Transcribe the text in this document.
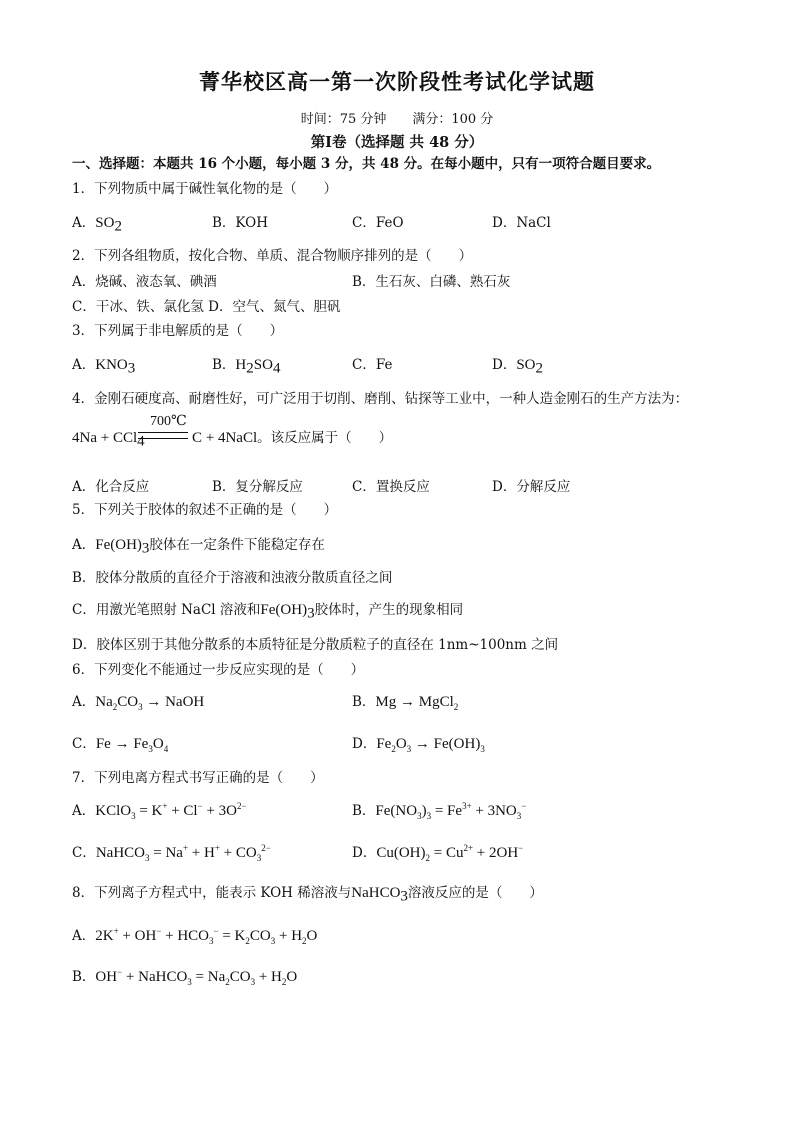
菁华校区高一第一次阶段性考试化学试题
时间：75 分钟　　满分：100 分
第Ⅰ卷（选择题 共 48 分）
一、选择题：本题共 16 个小题，每小题 3 分，共 48 分。在每小题中，只有一项符合题目要求。
1．下列物质中属于碱性氧化物的是（　　）
A．$SO_2$	B．KOH	C．FeO	D．NaCl
2．下列各组物质，按化合物、单质、混合物顺序排列的是（　　）
A．烧碱、液态氧、碘酒	B．生石灰、白磷、熟石灰
C．干冰、铁、氯化氢 D．空气、氮气、胆矾
3．下列属于非电解质的是（　　）
A．$KNO_3$	B．$H_2SO_4$	C．Fe	D．$SO_2$
4．金刚石硬度高、耐磨性好，可广泛用于切削、磨削、钻探等工业中，一种人造金刚石的生产方法为：
700℃
4Na + CCl$_4$	C + 4NaCl。该反应属于（　　）
A．化合反应	B．复分解反应	C．置换反应	D．分解反应
5．下列关于胶体的叙述不正确的是（　　）
A．$Fe(OH)_3$胶体在一定条件下能稳定存在
B．胶体分散质的直径介于溶液和浊液分散质直径之间
C．用激光笔照射 NaCl 溶液和$Fe(OH)_3$胶体时，产生的现象相同
D．胶体区别于其他分散系的本质特征是分散质粒子的直径在 1nm~100nm 之间
6．下列变化不能通过一步反应实现的是（　　）
A．$Na_2CO_3$ → NaOH	B．Mg → MgCl$_2$
C．$Fe \to Fe_3O_4$	D．$Fe_2O_3 \to Fe(OH)_3$
7．下列电离方程式书写正确的是（　　）
A．KClO$_3$ = $K^+ + Cl^- + 3O^{2-}$	B．$Fe(NO_3)_3 = Fe^{3+} + 3NO_3^-$
C．NaHCO$_3$ = $Na^+ + H^+ + CO_3^{2-}$	D．$Cu(OH)_2 = Cu^{2+} + 2OH^-$
8．下列离子方程式中，能表示 KOH 稀溶液与NaHCO$_3$溶液反应的是（　　）
A．$2K^+ + OH^- + HCO_3^- = K_2CO_3 + H_2O$
B．OH− + NaHCO$_3$ = $Na_2CO_3 + H_2O$
